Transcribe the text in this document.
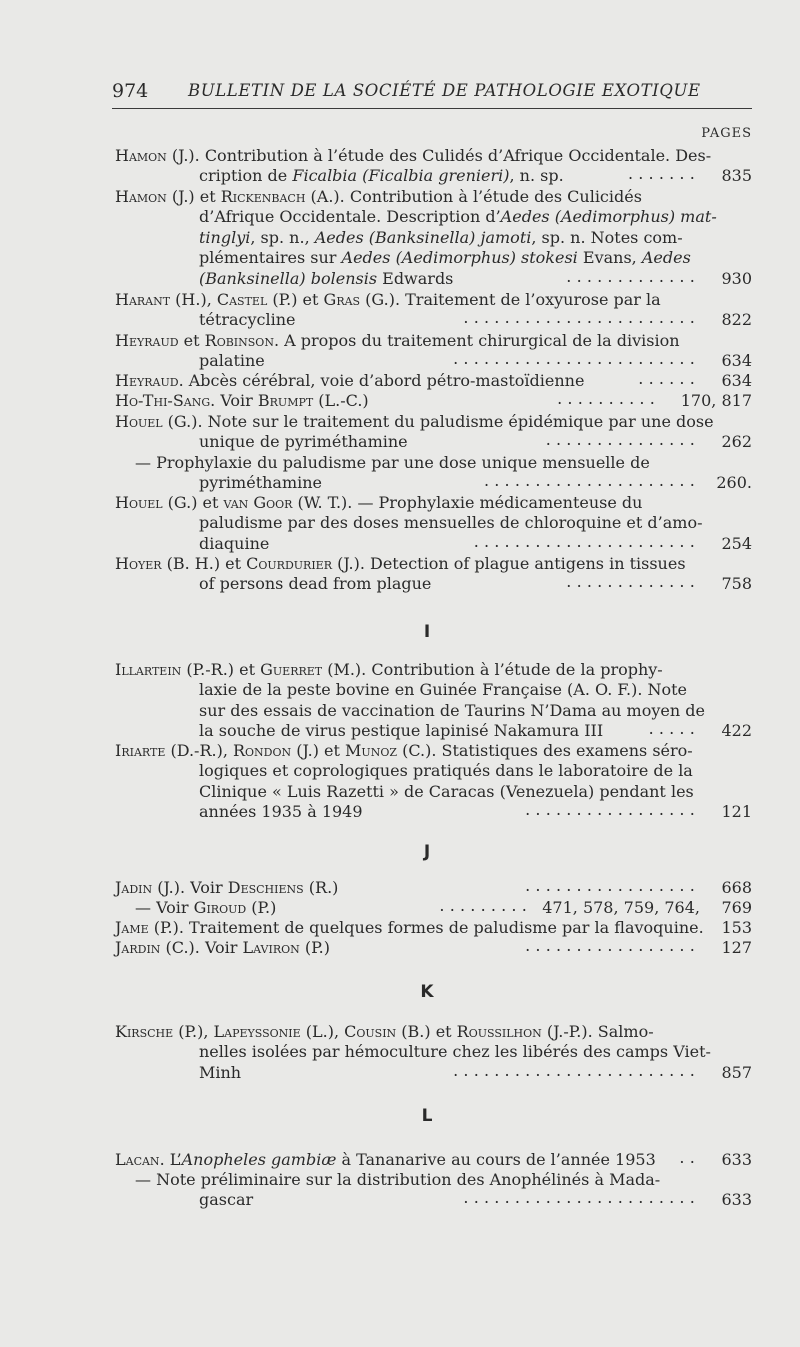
974 BULLETIN DE LA SOCIÉTÉ DE PATHOLOGIE EXOTIQUE
PAGES
Hamon (J.). Contribution à l’étude des Culidés d’Afrique Occidentale. Des-
cription de Ficalbia (Ficalbia grenieri), n. sp.	....... 835
Hamon (J.) et Rickenbach (A.). Contribution à l’étude des Culicidés
d’Afrique Occidentale. Description d’Aedes (Aedimorphus) mat-
tinglyi, sp. n., Aedes (Banksinella) jamoti, sp. n. Notes com-
plémentaires sur Aedes (Aedimorphus) stokesi Evans, Aedes
(Banksinella) bolensis Edwards	............. 930
Harant (H.), Castel (P.) et Gras (G.). Traitement de l’oxyurose par la
tétracycline	....................... 822
Heyraud et Robinson. A propos du traitement chirurgical de la division
palatine	........................ 634
Heyraud. Abcès cérébral, voie d’abord pétro-mastoïdienne	...... 634
Ho-Thi-Sang. Voir Brumpt (L.-C.)	.......... 170, 817
Houel (G.). Note sur le traitement du paludisme épidémique par une dose
unique de pyriméthamine	............... 262
— Prophylaxie du paludisme par une dose unique mensuelle de
pyriméthamine	..................... 260.
Houel (G.) et van Goor (W. T.). — Prophylaxie médicamenteuse du
paludisme par des doses mensuelles de chloroquine et d’amo-
diaquine	...................... 254
Hoyer (B. H.) et Courdurier (J.). Detection of plague antigens in tissues
of persons dead from plague	............. 758
I
Illartein (P.-R.) et Guerret (M.). Contribution à l’étude de la prophy-
laxie de la peste bovine en Guinée Française (A. O. F.). Note
sur des essais de vaccination de Taurins N’Dama au moyen de
la souche de virus pestique lapinisé Nakamura III	..... 422
Iriarte (D.-R.), Rondon (J.) et Munoz (C.). Statistiques des examens séro-
logiques et coprologiques pratiqués dans le laboratoire de la
Clinique « Luis Razetti » de Caracas (Venezuela) pendant les
années 1935 à 1949	................. 121
J
Jadin (J.). Voir Deschiens (R.)	................. 668
— Voir Giroud (P.)	......... 471, 578, 759, 764, 769
Jame (P.). Traitement de quelques formes de paludisme par la flavoquine. 153
Jardin (C.). Voir Laviron (P.)	................. 127
K
Kirsche (P.), Lapeyssonie (L.), Cousin (B.) et Roussilhon (J.-P.). Salmo-
nelles isolées par hémoculture chez les libérés des camps Viet-
Minh	........................ 857
L
Lacan. L’Anopheles gambiæ à Tananarive au cours de l’année 1953	.. 633
— Note préliminaire sur la distribution des Anophélinés à Mada-
gascar	....................... 633
